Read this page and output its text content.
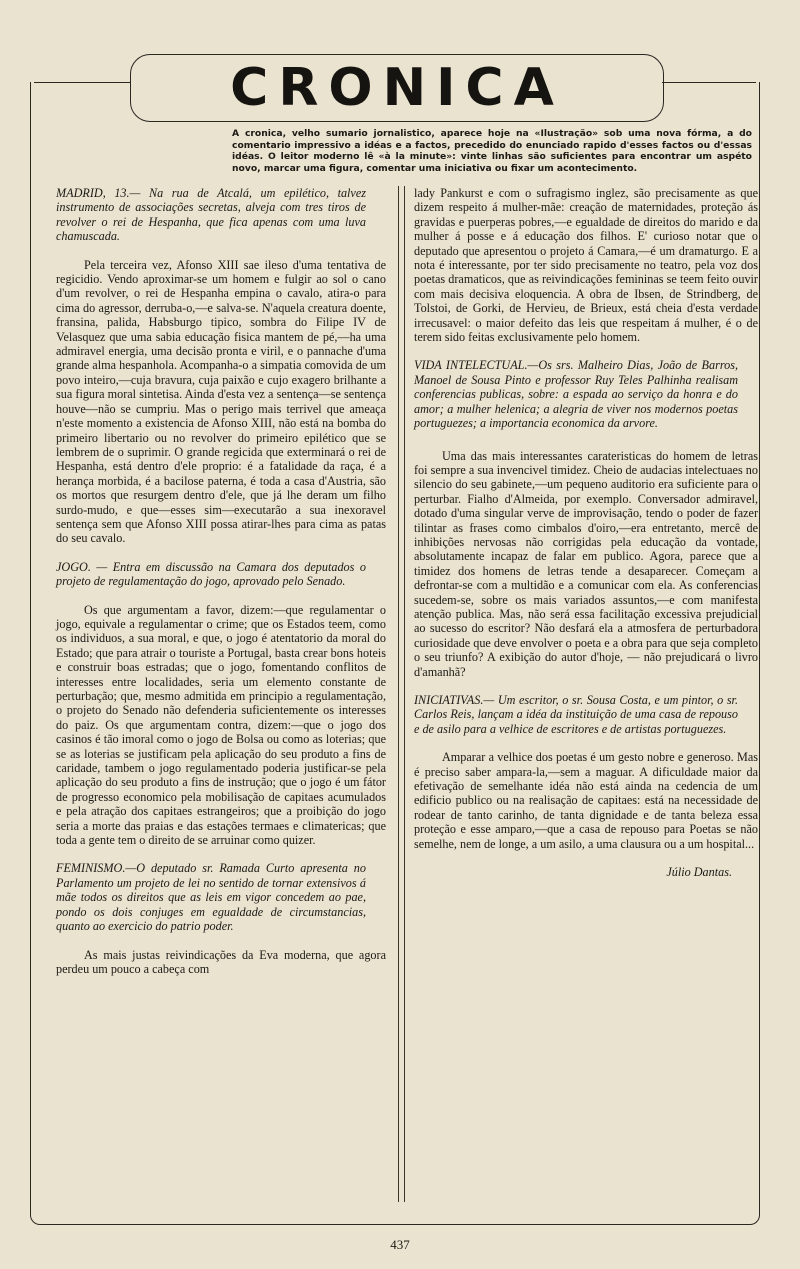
CRONICA
A cronica, velho sumario jornalistico, aparece hoje na «Ilustração» sob uma nova fórma, a do comentario impressivo a idéas e a factos, precedido do enunciado rapido d'esses factos ou d'essas idéas. O leitor moderno lê «à la minute»: vinte linhas são suficientes para encontrar um aspéto novo, marcar uma figura, comentar uma iniciativa ou fixar um acontecimento.

MADRID, 13.— Na rua de Atcalá, um epilético, talvez instrumento de associações secretas, alveja com tres tiros de revolver o rei de Hespanha, que fica apenas com uma luva chamuscada.

Pela terceira vez, Afonso XIII sae ileso d'uma tentativa de regicidio. Vendo aproximar-se um homem e fulgir ao sol o cano d'um revolver, o rei de Hespanha empina o cavalo, atira-o para cima do agressor, derruba-o,—e salva-se. N'aquela creatura doente, fransina, palida, Habsburgo tipico, sombra do Filipe IV de Velasquez que uma sabia educação fisica mantem de pé,—ha uma admiravel energia, uma decisão pronta e viril, e o pannache d'uma grande alma hespanhola. Acompanha-o a simpatia comovida de um povo inteiro,—cuja bravura, cuja paixão e cujo exagero brilhante a sua figura moral sintetisa. Ainda d'esta vez a sentença—se sentença houve—não se cumpriu. Mas o perigo mais terrivel que ameaça n'este momento a existencia de Afonso XIII, não está na bomba do primeiro libertario ou no revolver do primeiro epilético que se lembrem de o suprimir. O grande regicida que exterminará o rei de Hespanha, está dentro d'ele proprio: é a fatalidade da raça, é a herança morbida, é a bacilose paterna, é toda a casa d'Austria, são os mortos que resurgem dentro d'ele, que já lhe deram um filho surdo-mudo, e que—esses sim—executarão a sua inexoravel sentença sem que Afonso XIII possa atirar-lhes para cima as patas do seu cavalo.

JOGO. — Entra em discussão na Camara dos deputados o projeto de regulamentação do jogo, aprovado pelo Senado.

Os que argumentam a favor, dizem:—que regulamentar o jogo, equivale a regulamentar o crime; que os Estados teem, como os individuos, a sua moral, e que, o jogo é atentatorio da moral do Estado; que para atrair o touriste a Portugal, basta crear bons hoteis e construir boas estradas; que o jogo, fomentando conflitos de interesses entre localidades, seria um elemento constante de perturbação; que, mesmo admitida em principio a regulamentação, o projeto do Senado não defenderia suficientemente os interesses do paiz. Os que argumentam contra, dizem:—que o jogo dos casinos é tão imoral como o jogo de Bolsa ou como as loterias; que se as loterias se justificam pela aplicação do seu produto a fins de caridade, tambem o jogo regulamentado poderia justificar-se pela aplicação do seu produto a fins de instrução; que o jogo é um fátor de progresso economico pela mobilisação de capitaes acumulados e pela atração dos capitaes estrangeiros; que a proibição do jogo seria a morte das praias e das estações termaes e climatericas; que toda a gente tem o direito de se arruinar como quizer.

FEMINISMO.—O deputado sr. Ramada Curto apresenta no Parlamento um projeto de lei no sentido de tornar extensivos á mãe todos os direitos que as leis em vigor concedem ao pae, pondo os dois conjuges em egualdade de circumstancias, quanto ao exercicio do patrio poder.

As mais justas reivindicações da Eva moderna, que agora perdeu um pouco a cabeça com

lady Pankurst e com o sufragismo inglez, são precisamente as que dizem respeito á mulher-mãe: creação de maternidades, proteção ás gravidas e puerperas pobres,—e egualdade de direitos do marido e da mulher á posse e á educação dos filhos. E' curioso notar que o deputado que apresentou o projeto á Camara,—é um dramaturgo. E a nota é interessante, por ter sido precisamente no teatro, pela voz dos poetas dramaticos, que as reivindicações femininas se teem feito ouvir com mais decisiva eloquencia. A obra de Ibsen, de Strindberg, de Tolstoi, de Gorki, de Hervieu, de Brieux, está cheia d'esta verdade irrecusavel: o maior defeito das leis que respeitam á mulher, é o de terem sido feitas exclusivamente pelo homem.

VIDA INTELECTUAL.—Os srs. Malheiro Dias, João de Barros, Manoel de Sousa Pinto e professor Ruy Teles Palhinha realisam conferencias publicas, sobre: a espada ao serviço da honra e do amor; a mulher helenica; a alegria de viver nos modernos poetas portuguezes; a importancia economica da arvore.

Uma das mais interessantes carateristicas do homem de letras foi sempre a sua invencivel timidez. Cheio de audacias intelectuaes no silencio do seu gabinete,—um pequeno auditorio era suficiente para o perturbar. Fialho d'Almeida, por exemplo. Conversador admiravel, dotado d'uma singular verve de improvisação, tendo o poder de fazer tilintar as frases como cimbalos d'oiro,—era entretanto, mercê de inhibições nervosas não corrigidas pela educação da vontade, absolutamente incapaz de falar em publico. Agora, parece que a timidez dos homens de letras tende a desaparecer. Começam a defrontar-se com a multidão e a comunicar com ela. As conferencias sucedem-se, sobre os mais variados assuntos,—e com manifesta atenção publica. Mas, não será essa facilitação excessiva prejudicial ao sucesso do escritor? Não desfará ela a atmosfera de perturbadora curiosidade que deve envolver o poeta e a obra para que seja completo o seu triunfo? A exibição do autor d'hoje, — não prejudicará o livro d'amanhã?

INICIATIVAS.— Um escritor, o sr. Sousa Costa, e um pintor, o sr. Carlos Reis, lançam a idéa da instituição de uma casa de repouso e de asilo para a velhice de escritores e de artistas portuguezes.

Amparar a velhice dos poetas é um gesto nobre e generoso. Mas é preciso saber ampara-la,—sem a maguar. A dificuldade maior da efetivação de semelhante idéa não está ainda na cedencia de um edificio publico ou na realisação de capitaes: está na necessidade de rodear de tanto carinho, de tanta dignidade e de tanta beleza essa proteção e esse amparo,—que a casa de repouso para Poetas se não semelhe, nem de longe, a um asilo, a uma clausura ou a um hospital...

Júlio Dantas.

437
